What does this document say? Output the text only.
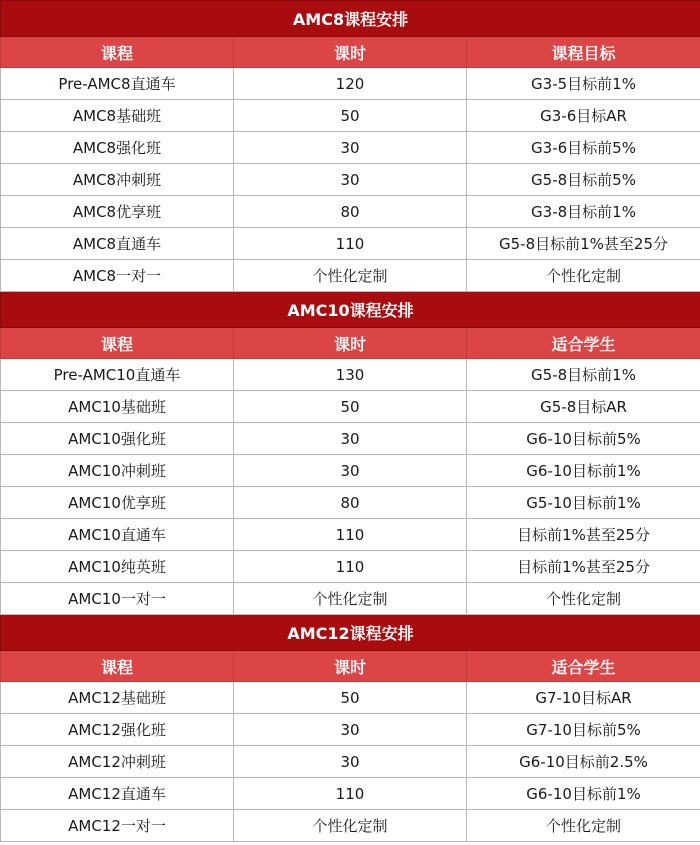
AMC8课程安排		
课程	课时	课程目标
Pre-AMC8直通车	120	G3-5目标前1%
AMC8基础班	50	G3-6目标AR
AMC8强化班	30	G3-6目标前5%
AMC8冲刺班	30	G5-8目标前5%
AMC8优享班	80	G3-8目标前1%
AMC8直通车	110	G5-8目标前1%甚至25分
AMC8一对一	个性化定制	个性化定制
AMC10课程安排		
课程	课时	适合学生
Pre-AMC10直通车	130	G5-8目标前1%
AMC10基础班	50	G5-8目标AR
AMC10强化班	30	G6-10目标前5%
AMC10冲刺班	30	G6-10目标前1%
AMC10优享班	80	G5-10目标前1%
AMC10直通车	110	目标前1%甚至25分
AMC10纯英班	110	目标前1%甚至25分
AMC10一对一	个性化定制	个性化定制
AMC12课程安排		
课程	课时	适合学生
AMC12基础班	50	G7-10目标AR
AMC12强化班	30	G7-10目标前5%
AMC12冲刺班	30	G6-10目标前2.5%
AMC12直通车	110	G6-10目标前1%
AMC12一对一	个性化定制	个性化定制
